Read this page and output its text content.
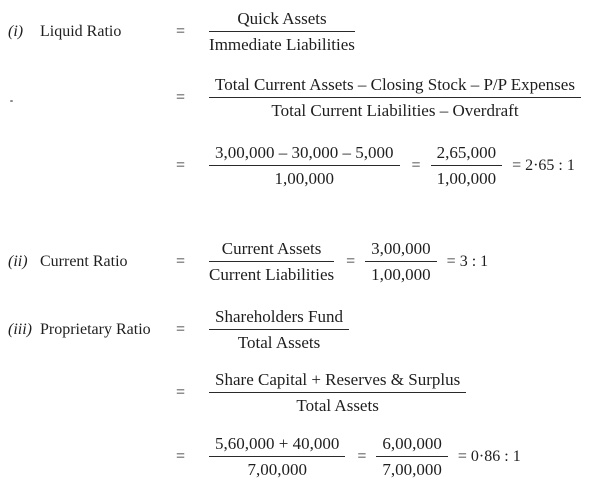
(i) Liquid Ratio	= $\frac{\text{Quick Assets}}{\text{Immediate Liabilities}}$
= $\frac{\text{Total Current Assets – Closing Stock – P/P Expenses}}{\text{Total Current Liabilities – Overdraft}}$
= $\frac{3,00,000 - 30,000 - 5,000}{1,00,000} = \frac{2,65,000}{1,00,000} = 2\cdot 65$ : 1
(ii) Current Ratio	= $\frac{\text{Current Assets}}{\text{Current Liabilities}} = \frac{3,00,000}{1,00,000} = 3$ : 1
(iii) Proprietary Ratio	= $\frac{\text{Shareholders Fund}}{\text{Total Assets}}$
= $\frac{\text{Share Capital + Reserves \& Surplus}}{\text{Total Assets}}$
= $\frac{5,60,000 + 40,000}{7,00,000} = \frac{6,00,000}{7,00,000} = 0\cdot 86$ : 1
